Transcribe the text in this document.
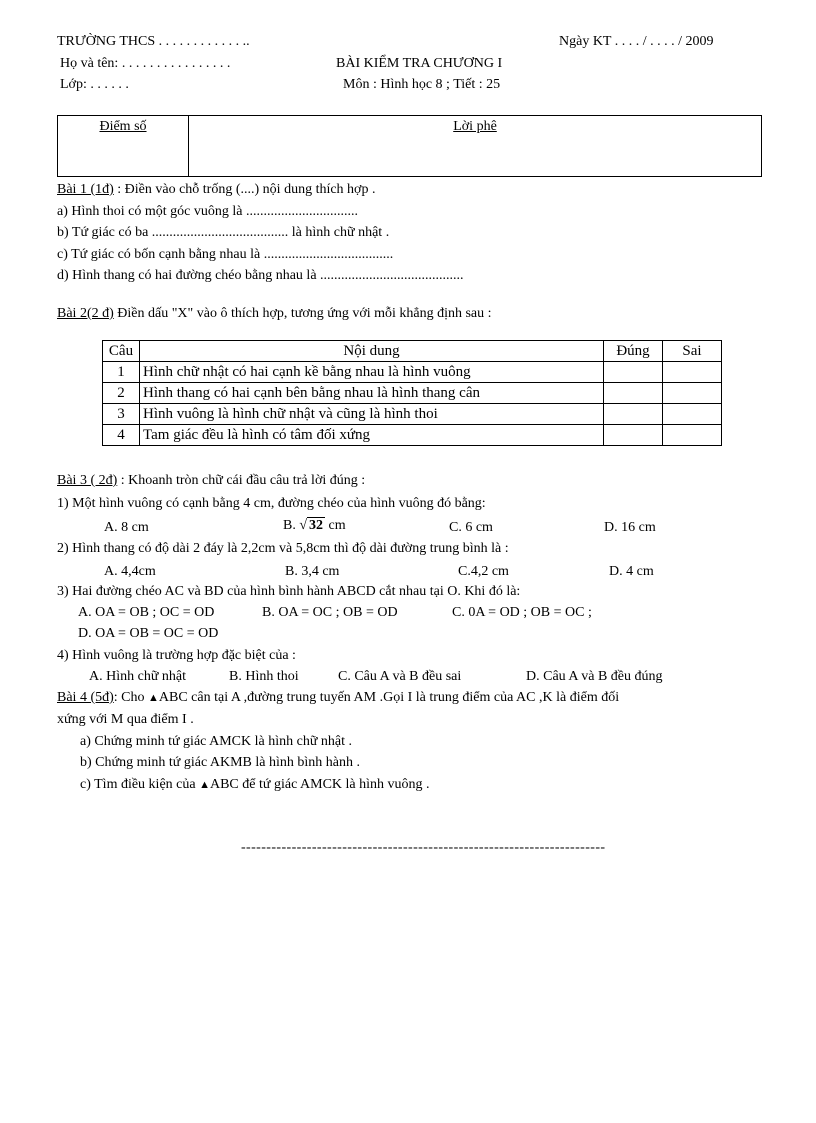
TRƯỜNG THCS . . . . . . . . . . . . ..	Ngày KT . . . . / . . . . / 2009
Họ và tên: . . . . . . . . . . . . . . . .	BÀI KIỂM TRA CHƯƠNG I
Lớp: . . . . . .	Môn : Hình học 8 ; Tiết : 25
Điểm số	Lời phê
Bài 1 (1đ) : Điền vào chỗ trống (....) nội dung thích hợp .
a) Hình thoi có một góc vuông là ................................
b) Tứ giác có ba ....................................... là hình chữ nhật .
c) Tứ giác có bốn cạnh bằng nhau là .....................................
d) Hình thang có hai đường chéo bằng nhau là .........................................
Bài 2(2 đ) Điền dấu "X" vào ô thích hợp, tương ứng với mỗi khẳng định sau :
Câu	Nội dung	Đúng	Sai
1	Hình chữ nhật có hai cạnh kề bằng nhau là hình vuông		
2	Hình thang có hai cạnh bên bằng nhau là hình thang cân		
3	Hình vuông là hình chữ nhật và cũng là hình thoi		
4	Tam giác đều là hình có tâm đối xứng		
Bài 3 ( 2đ) : Khoanh tròn chữ cái đầu câu trả lời đúng :
1) Một hình vuông có cạnh bằng 4 cm, đường chéo của hình vuông đó bằng:
A. 8 cm	B. √ 32 cm	C. 6 cm	D. 16 cm
2) Hình thang có độ dài 2 đáy là 2,2cm và 5,8cm thì độ dài đường trung bình là :
A. 4,4cm	B. 3,4 cm	C.4,2 cm	D. 4 cm
3) Hai đường chéo AC và BD của hình bình hành ABCD cắt nhau tại O. Khi đó là:
A. OA = OB ; OC = OD	B. OA = OC ; OB = OD	C. 0A = OD ; OB = OC ;
D. OA = OB = OC = OD
4) Hình vuông là trường hợp đặc biệt của :
A. Hình chữ nhật	B. Hình thoi	C. Câu A và B đều sai	D. Câu A và B đều đúng
Bài 4 (5đ): Cho ▲ABC cân tại A ,đường trung tuyến AM .Gọi I là trung điểm của AC ,K là điểm đối
xứng với M qua điểm I .
a) Chứng minh tứ giác AMCK là hình chữ nhật .
b) Chứng minh tứ giác AKMB là hình bình hành .
c) Tìm điều kiện của ▲ABC để tứ giác AMCK là hình vuông .
------------------------------------------------------------------------
